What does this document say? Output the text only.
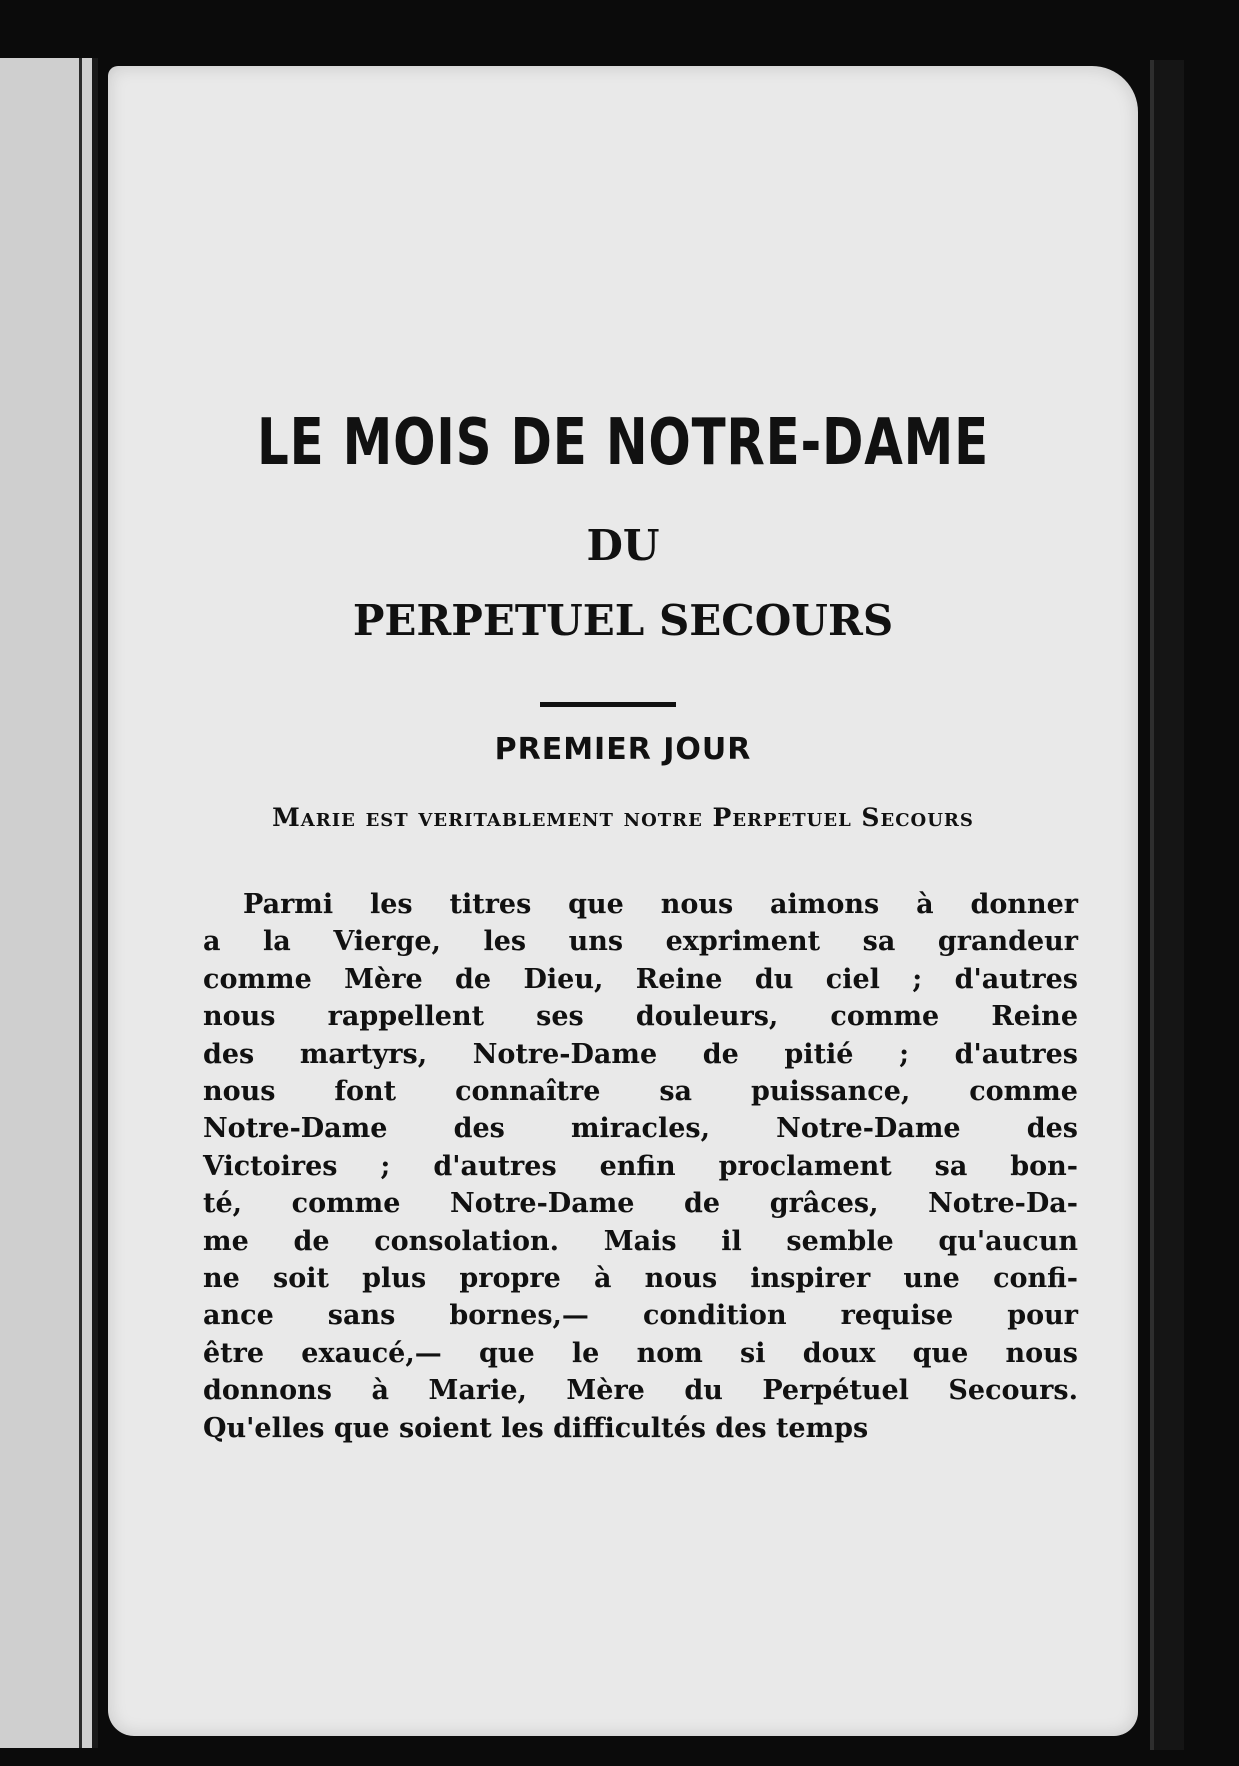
LE MOIS DE NOTRE-DAME
DU
PERPETUEL SECOURS
PREMIER JOUR
Marie est veritablement notre Perpetuel Secours
Parmi les titres que nous aimons à donner
a la Vierge, les uns expriment sa grandeur
comme Mère de Dieu, Reine du ciel ; d'autres
nous rappellent ses douleurs, comme Reine
des martyrs, Notre-Dame de pitié ; d'autres
nous font connaître sa puissance, comme
Notre-Dame des miracles, Notre-Dame des
Victoires ; d'autres enfin proclament sa bon-
té, comme Notre-Dame de grâces, Notre-Da-
me de consolation. Mais il semble qu'aucun
ne soit plus propre à nous inspirer une confi-
ance sans bornes,— condition requise pour
être exaucé,— que le nom si doux que nous
donnons à Marie, Mère du Perpétuel Secours.
Qu'elles que soient les difficultés des temps
